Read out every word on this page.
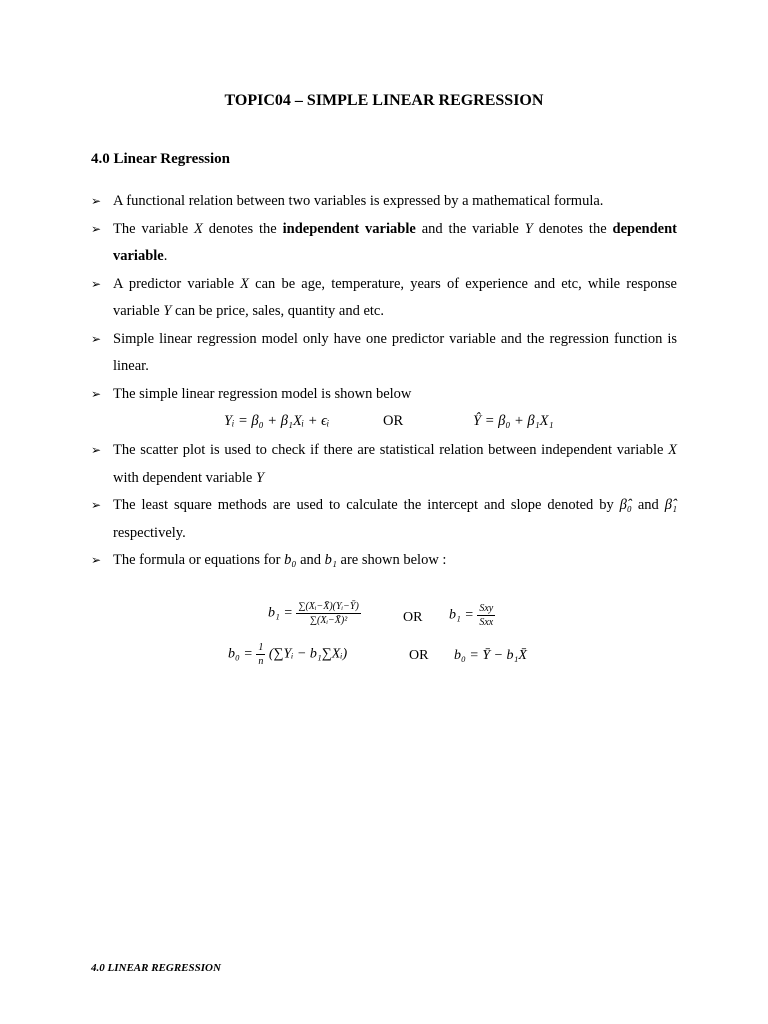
TOPIC04 – SIMPLE LINEAR REGRESSION
4.0 Linear Regression
➢ A functional relation between two variables is expressed by a mathematical formula.
➢ The variable X denotes the independent variable and the variable Y denotes the dependent variable.
➢ A predictor variable X can be age, temperature, years of experience and etc, while response variable Y can be price, sales, quantity and etc.
➢ Simple linear regression model only have one predictor variable and the regression function is linear.
➢ The simple linear regression model is shown below
Yᵢ = β₀ + β₁Xᵢ + ϵᵢ	OR	Ŷ = β₀ + β₁X₁
➢ The scatter plot is used to check if there are statistical relation between independent variable X with dependent variable Y
➢ The least square methods are used to calculate the intercept and slope denoted by β̂₀ and β̂₁ respectively.
➢ The formula or equations for b₀ and b₁ are shown below :
$b_1 = \frac{\text{∑(Xᵢ−X̄)(Yᵢ−Ȳ)}}{\text{∑(Xᵢ−X̄)²}}$	OR $b_1 = \frac{\text{Sxy}}{\text{Sxx}}$
$b_0 = \frac{1}{n}$ (∑Yᵢ − b₁∑Xᵢ)	OR b₀ = Ȳ − b₁X̄

4.0 LINEAR REGRESSION
